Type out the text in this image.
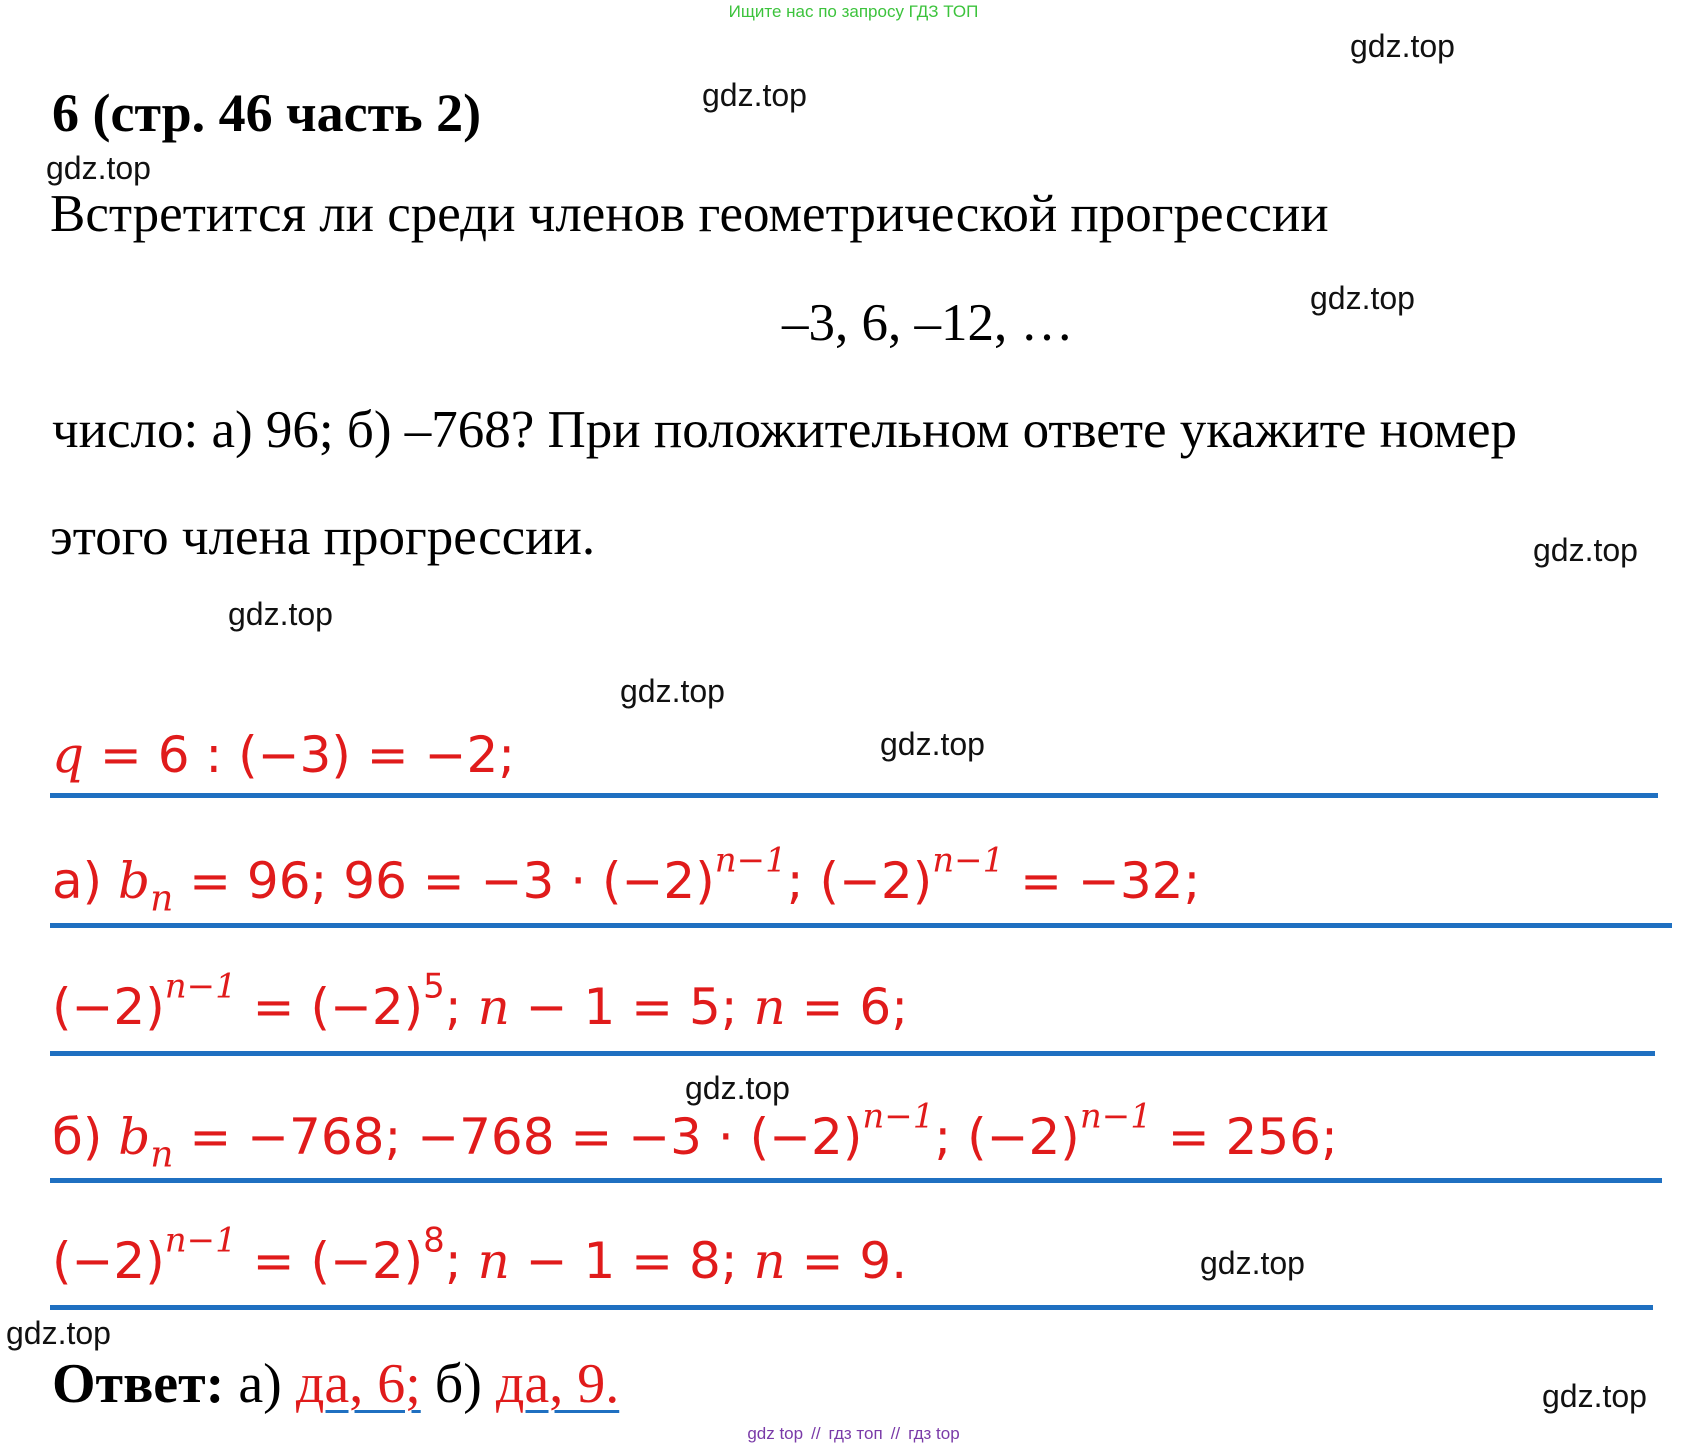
Ищите нас по запросу ГДЗ ТОП
gdz.top
gdz.top
gdz.top
gdz.top
gdz.top
gdz.top
gdz.top
gdz.top
gdz.top
gdz.top
gdz.top
gdz.top
6 (стр. 46 часть 2)
Встретится ли среди членов геометрической прогрессии
–3, 6, –12, …
число: а) 96; б) –768? При положительном ответе укажите номер
этого члена прогрессии.
q = 6 : (−3) = −2;
а) $b_n = 96$; $96 = -3 \cdot (-2)^{n-1}$; $(-2)^{n-1} = -32$;
$(-2)^{n-1} = (-2)^5$; n − 1 = 5; n = 6;
б) $b_n = -768$; $-768 = -3 \cdot (-2)^{n-1}$; $(-2)^{n-1} = 256$;
$(-2)^{n-1} = (-2)^8$; n − 1 = 8; n = 9.
Ответ: а) да, 6; б) да, 9.
gdz top // гдз топ // гдз top
